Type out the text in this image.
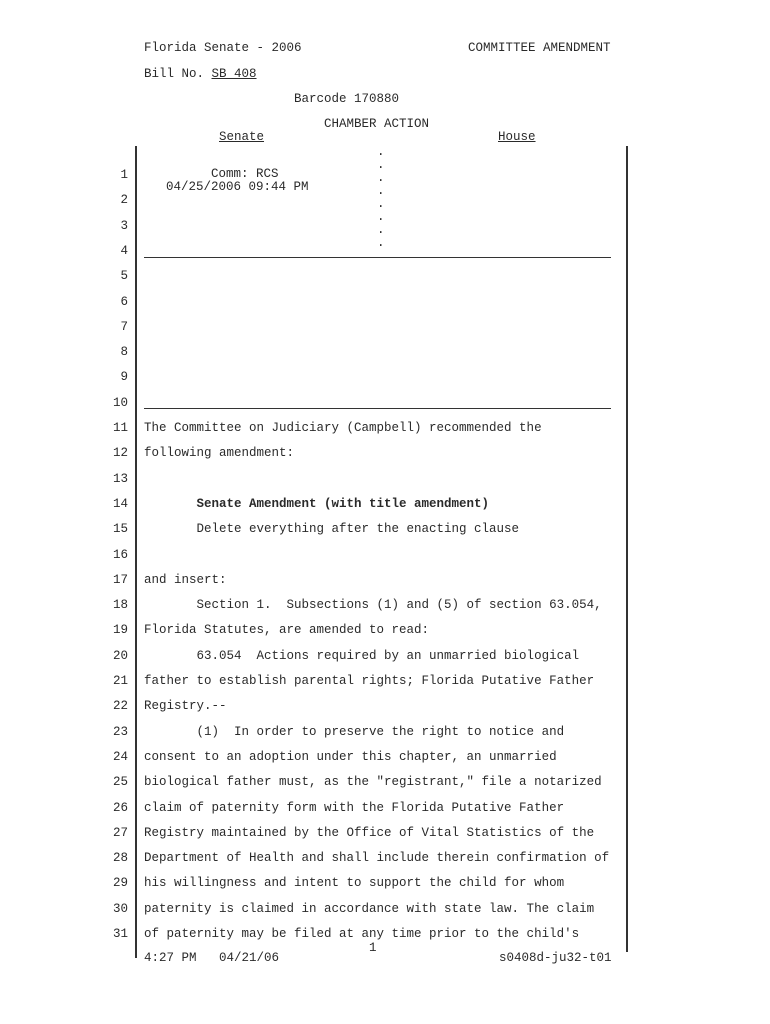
Florida Senate - 2006	COMMITTEE AMENDMENT
Bill No. SB 408
Barcode 170880
CHAMBER ACTION
Senate	House
Comm: RCS
04/25/2006 09:44 PM
.
.
.
.
.
.
.
.
1
2
3
4
5
6
7
8
9
10
11 The Committee on Judiciary (Campbell) recommended the
12 following amendment:
13
14 Senate Amendment (with title amendment)
15 Delete everything after the enacting clause
16
17 and insert:
18 Section 1.  Subsections (1) and (5) of section 63.054,
19 Florida Statutes, are amended to read:
20 63.054  Actions required by an unmarried biological
21 father to establish parental rights; Florida Putative Father
22 Registry.--
23 (1)  In order to preserve the right to notice and
24 consent to an adoption under this chapter, an unmarried
25 biological father must, as the "registrant," file a notarized
26 claim of paternity form with the Florida Putative Father
27 Registry maintained by the Office of Vital Statistics of the
28 Department of Health and shall include therein confirmation of
29 his willingness and intent to support the child for whom
30 paternity is claimed in accordance with state law. The claim
31 of paternity may be filed at any time prior to the child's
1
4:27 PM   04/21/06	s0408d-ju32-t01
